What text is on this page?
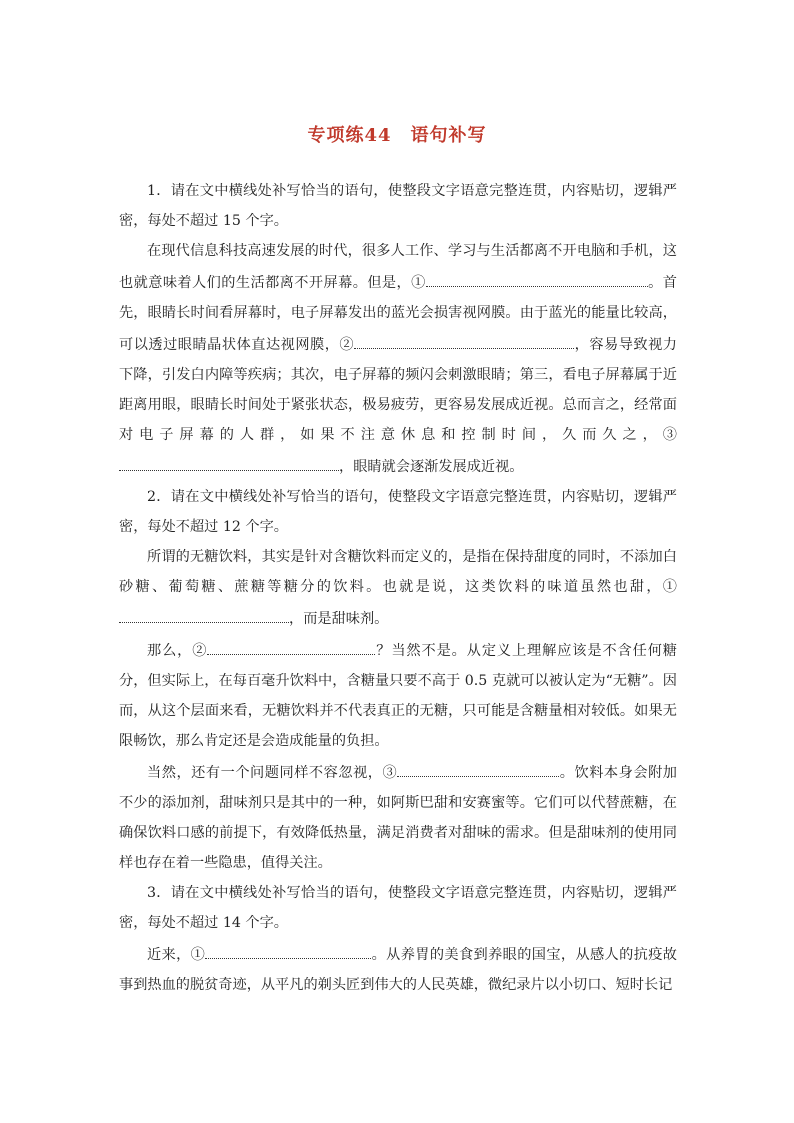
专项练44　语句补写

1．请在文中横线处补写恰当的语句，使整段文字语意完整连贯，内容贴切，逻辑严密，每处不超过 15 个字。

在现代信息科技高速发展的时代，很多人工作、学习与生活都离不开电脑和手机，这也就意味着人们的生活都离不开屏幕。但是，①	。首先，眼睛长时间看屏幕时，电子屏幕发出的蓝光会损害视网膜。由于蓝光的能量比较高，可以透过眼睛晶状体直达视网膜，②	，容易导致视力下降，引发白内障等疾病；其次，电子屏幕的频闪会刺激眼睛；第三，看电子屏幕属于近距离用眼，眼睛长时间处于紧张状态，极易疲劳，更容易发展成近视。总而言之，经常面对电子屏幕的人群，如果不注意休息和控制时间，久而久之，③，眼睛就会逐渐发展成近视。

2．请在文中横线处补写恰当的语句，使整段文字语意完整连贯，内容贴切，逻辑严密，每处不超过 12 个字。

所谓的无糖饮料，其实是针对含糖饮料而定义的，是指在保持甜度的同时，不添加白砂糖、葡萄糖、蔗糖等糖分的饮料。也就是说，这类饮料的味道虽然也甜，①，而是甜味剂。

那么，②	？当然不是。从定义上理解应该是不含任何糖分，但实际上，在每百毫升饮料中，含糖量只要不高于 0.5 克就可以被认定为“无糖”。因而，从这个层面来看，无糖饮料并不代表真正的无糖，只可能是含糖量相对较低。如果无限畅饮，那么肯定还是会造成能量的负担。

当然，还有一个问题同样不容忽视，③	。饮料本身会附加不少的添加剂，甜味剂只是其中的一种，如阿斯巴甜和安赛蜜等。它们可以代替蔗糖，在确保饮料口感的前提下，有效降低热量，满足消费者对甜味的需求。但是甜味剂的使用同样也存在着一些隐患，值得关注。

3．请在文中横线处补写恰当的语句，使整段文字语意完整连贯，内容贴切，逻辑严密，每处不超过 14 个字。

近来，①	。从养胃的美食到养眼的国宝，从感人的抗疫故事到热血的脱贫奇迹，从平凡的剃头匠到伟大的人民英雄，微纪录片以小切口、短时长记
